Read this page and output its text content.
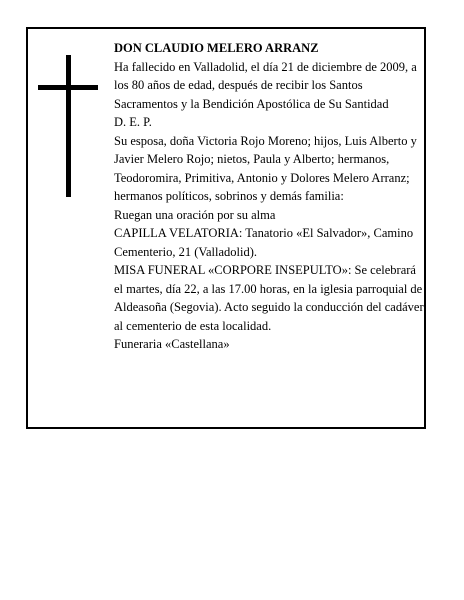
DON CLAUDIO MELERO ARRANZ

Ha fallecido en Valladolid, el día 21 de diciembre de 2009, a los 80 años de edad, después de recibir los Santos Sacramentos y la Bendición Apostólica de Su Santidad

D. E. P.

Su esposa, doña Victoria Rojo Moreno; hijos, Luis Alberto y Javier Melero Rojo; nietos, Paula y Alberto; hermanos, Teodoromira, Primitiva, Antonio y Dolores Melero Arranz; hermanos políticos, sobrinos y demás familia:

Ruegan una oración por su alma

CAPILLA VELATORIA: Tanatorio «El Salvador», Camino Cementerio, 21 (Valladolid).

MISA FUNERAL «CORPORE INSEPULTO»: Se celebrará el martes, día 22, a las 17.00 horas, en la iglesia parroquial de Aldeasoña (Segovia). Acto seguido la conducción del cadáver al cementerio de esta localidad.

Funeraria «Castellana»
